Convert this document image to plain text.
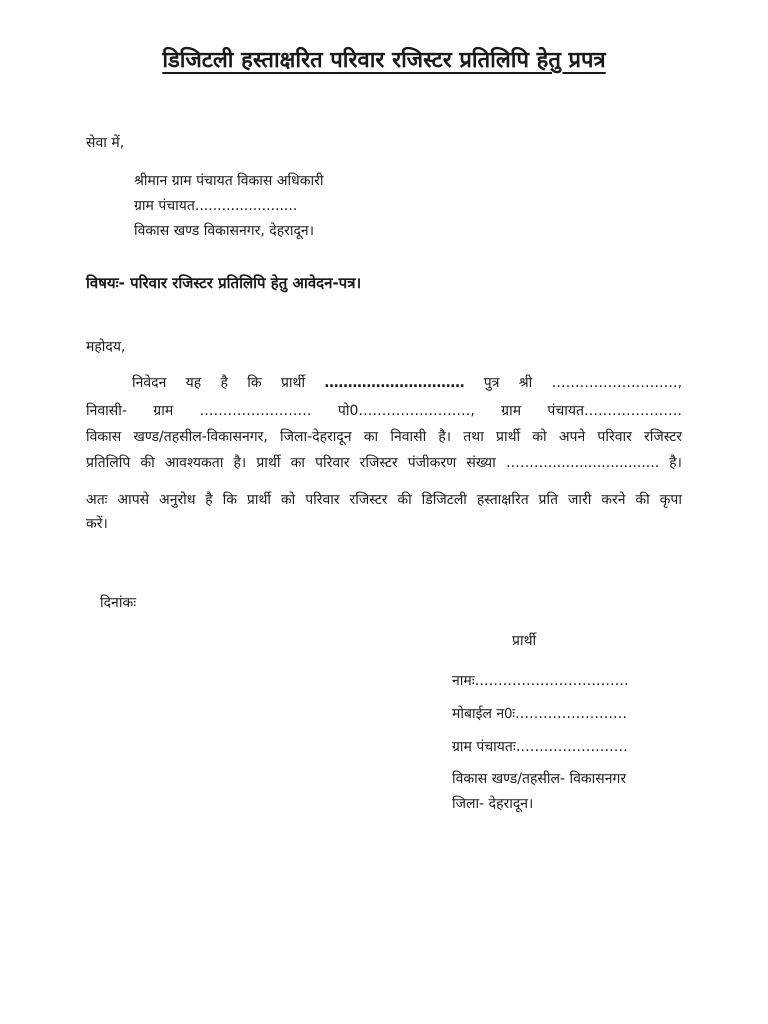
डिजिटली हस्ताक्षरित परिवार रजिस्टर प्रतिलिपि हेतु प्रपत्र
सेवा में,
श्रीमान ग्राम पंचायत विकास अधिकारी
ग्राम पंचायत.......................
विकास खण्ड विकासनगर, देहरादून।
विषयः- परिवार रजिस्टर प्रतिलिपि हेतु आवेदन-पत्र।
महोदय,
निवेदन यह है कि प्रार्थी ………………………… पुत्र श्री ………………………,
निवासी- ग्राम …………………… पो0……………………, ग्राम पंचायत…………………
विकास खण्ड/तहसील-विकासनगर, जिला-देहरादून का निवासी है। तथा प्रार्थी को अपने परिवार रजिस्टर
प्रतिलिपि की आवश्यकता है। प्रार्थी का परिवार रजिस्टर पंजीकरण संख्या ………......................... है।
अतः आपसे अनुरोध है कि प्रार्थी को परिवार रजिस्टर की डिजिटली हस्ताक्षरित प्रति जारी करने की कृपा
करें।
दिनांकः
प्रार्थी
नामः……………………………
मोबाईल न0ः……………………
ग्राम पंचायतः……………………
विकास खण्ड/तहसील- विकासनगर
जिला- देहरादून।
